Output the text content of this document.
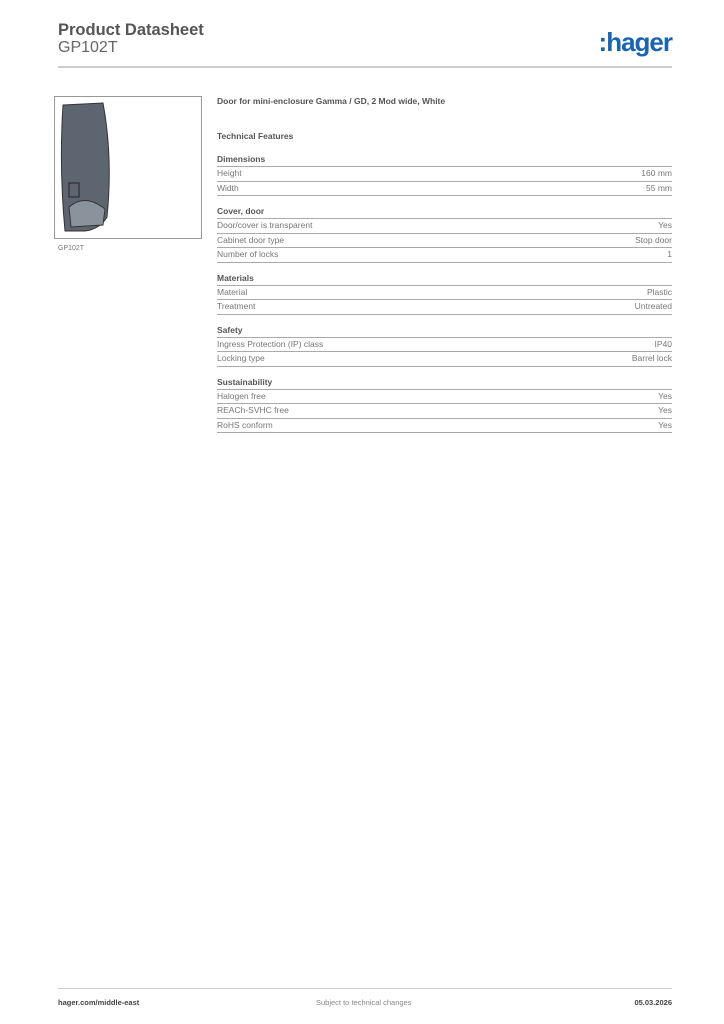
Product Datasheet
GP102T	:hager
GP102T
Door for mini-enclosure Gamma / GD, 2 Mod wide, White
Technical Features
Dimensions
Height	160 mm
Width	55 mm
Cover, door
Door/cover is transparent	Yes
Cabinet door type	Stop door
Number of locks	1
Materials
Material	Plastic
Treatment	Untreated
Safety
Ingress Protection (IP) class	IP40
Locking type	Barrel lock
Sustainability
Halogen free	Yes
REACh-SVHC free	Yes
RoHS conform	Yes
hager.com/middle-east	Subject to technical changes	05.03.2026
